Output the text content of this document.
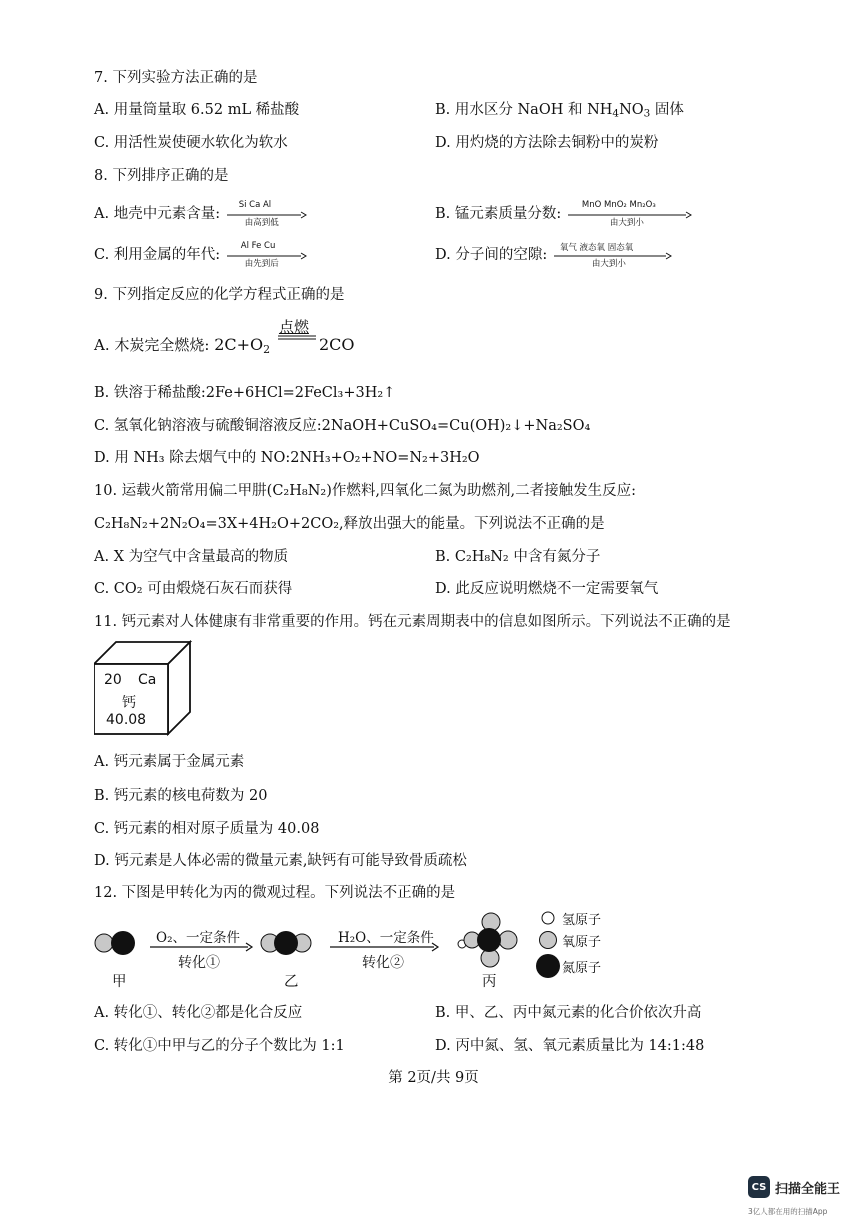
7. 下列实验方法正确的是
A. 用量筒量取 6.52 mL 稀盐酸	B. 用水区分 NaOH 和 $NH_4NO_3$ 固体
C. 用活性炭使硬水软化为软水	D. 用灼烧的方法除去铜粉中的炭粉
8. 下列排序正确的是
A. 地壳中元素含量:
Si Ca Al
由高到低
B. 锰元素质量分数:
MnO MnO₂ Mn₂O₃
由大到小
C. 利用金属的年代:
Al Fe Cu
由先到后
D. 分子间的空隙: 氧气 液态氧 固态氧
由大到小
9. 下列指定反应的化学方程式正确的是
A. 木炭完全燃烧: $2C+O_2$
点燃
2CO
B. 铁溶于稀盐酸:2Fe+6HCl=2FeCl₃+3H₂↑
C. 氢氧化钠溶液与硫酸铜溶液反应:2NaOH+CuSO₄=Cu(OH)₂↓+Na₂SO₄
D. 用 NH₃ 除去烟气中的 NO:2NH₃+O₂+NO=N₂+3H₂O
10. 运载火箭常用偏二甲肼(C₂H₈N₂)作燃料,四氧化二氮为助燃剂,二者接触发生反应:
C₂H₈N₂+2N₂O₄=3X+4H₂O+2CO₂,释放出强大的能量。下列说法不正确的是
A. X 为空气中含量最高的物质	B. C₂H₈N₂ 中含有氮分子
C. CO₂ 可由煅烧石灰石而获得	D. 此反应说明燃烧不一定需要氧气
11. 钙元素对人体健康有非常重要的作用。钙在元素周期表中的信息如图所示。下列说法不正确的是
20 Ca
钙
40.08
A. 钙元素属于金属元素
B. 钙元素的核电荷数为 20
C. 钙元素的相对原子质量为 40.08
D. 钙元素是人体必需的微量元素,缺钙有可能导致骨质疏松
12. 下图是甲转化为丙的微观过程。下列说法不正确的是
甲
O₂、一定条件
转化①
乙
H₂O、一定条件
转化②
丙
氢原子
氧原子
氮原子
A. 转化①、转化②都是化合反应	B. 甲、乙、丙中氮元素的化合价依次升高
C. 转化①中甲与乙的分子个数比为 1:1	D. 丙中氮、氢、氧元素质量比为 14:1:48
第 2页/共 9页
CS 扫描全能王
3亿人都在用的扫描App
